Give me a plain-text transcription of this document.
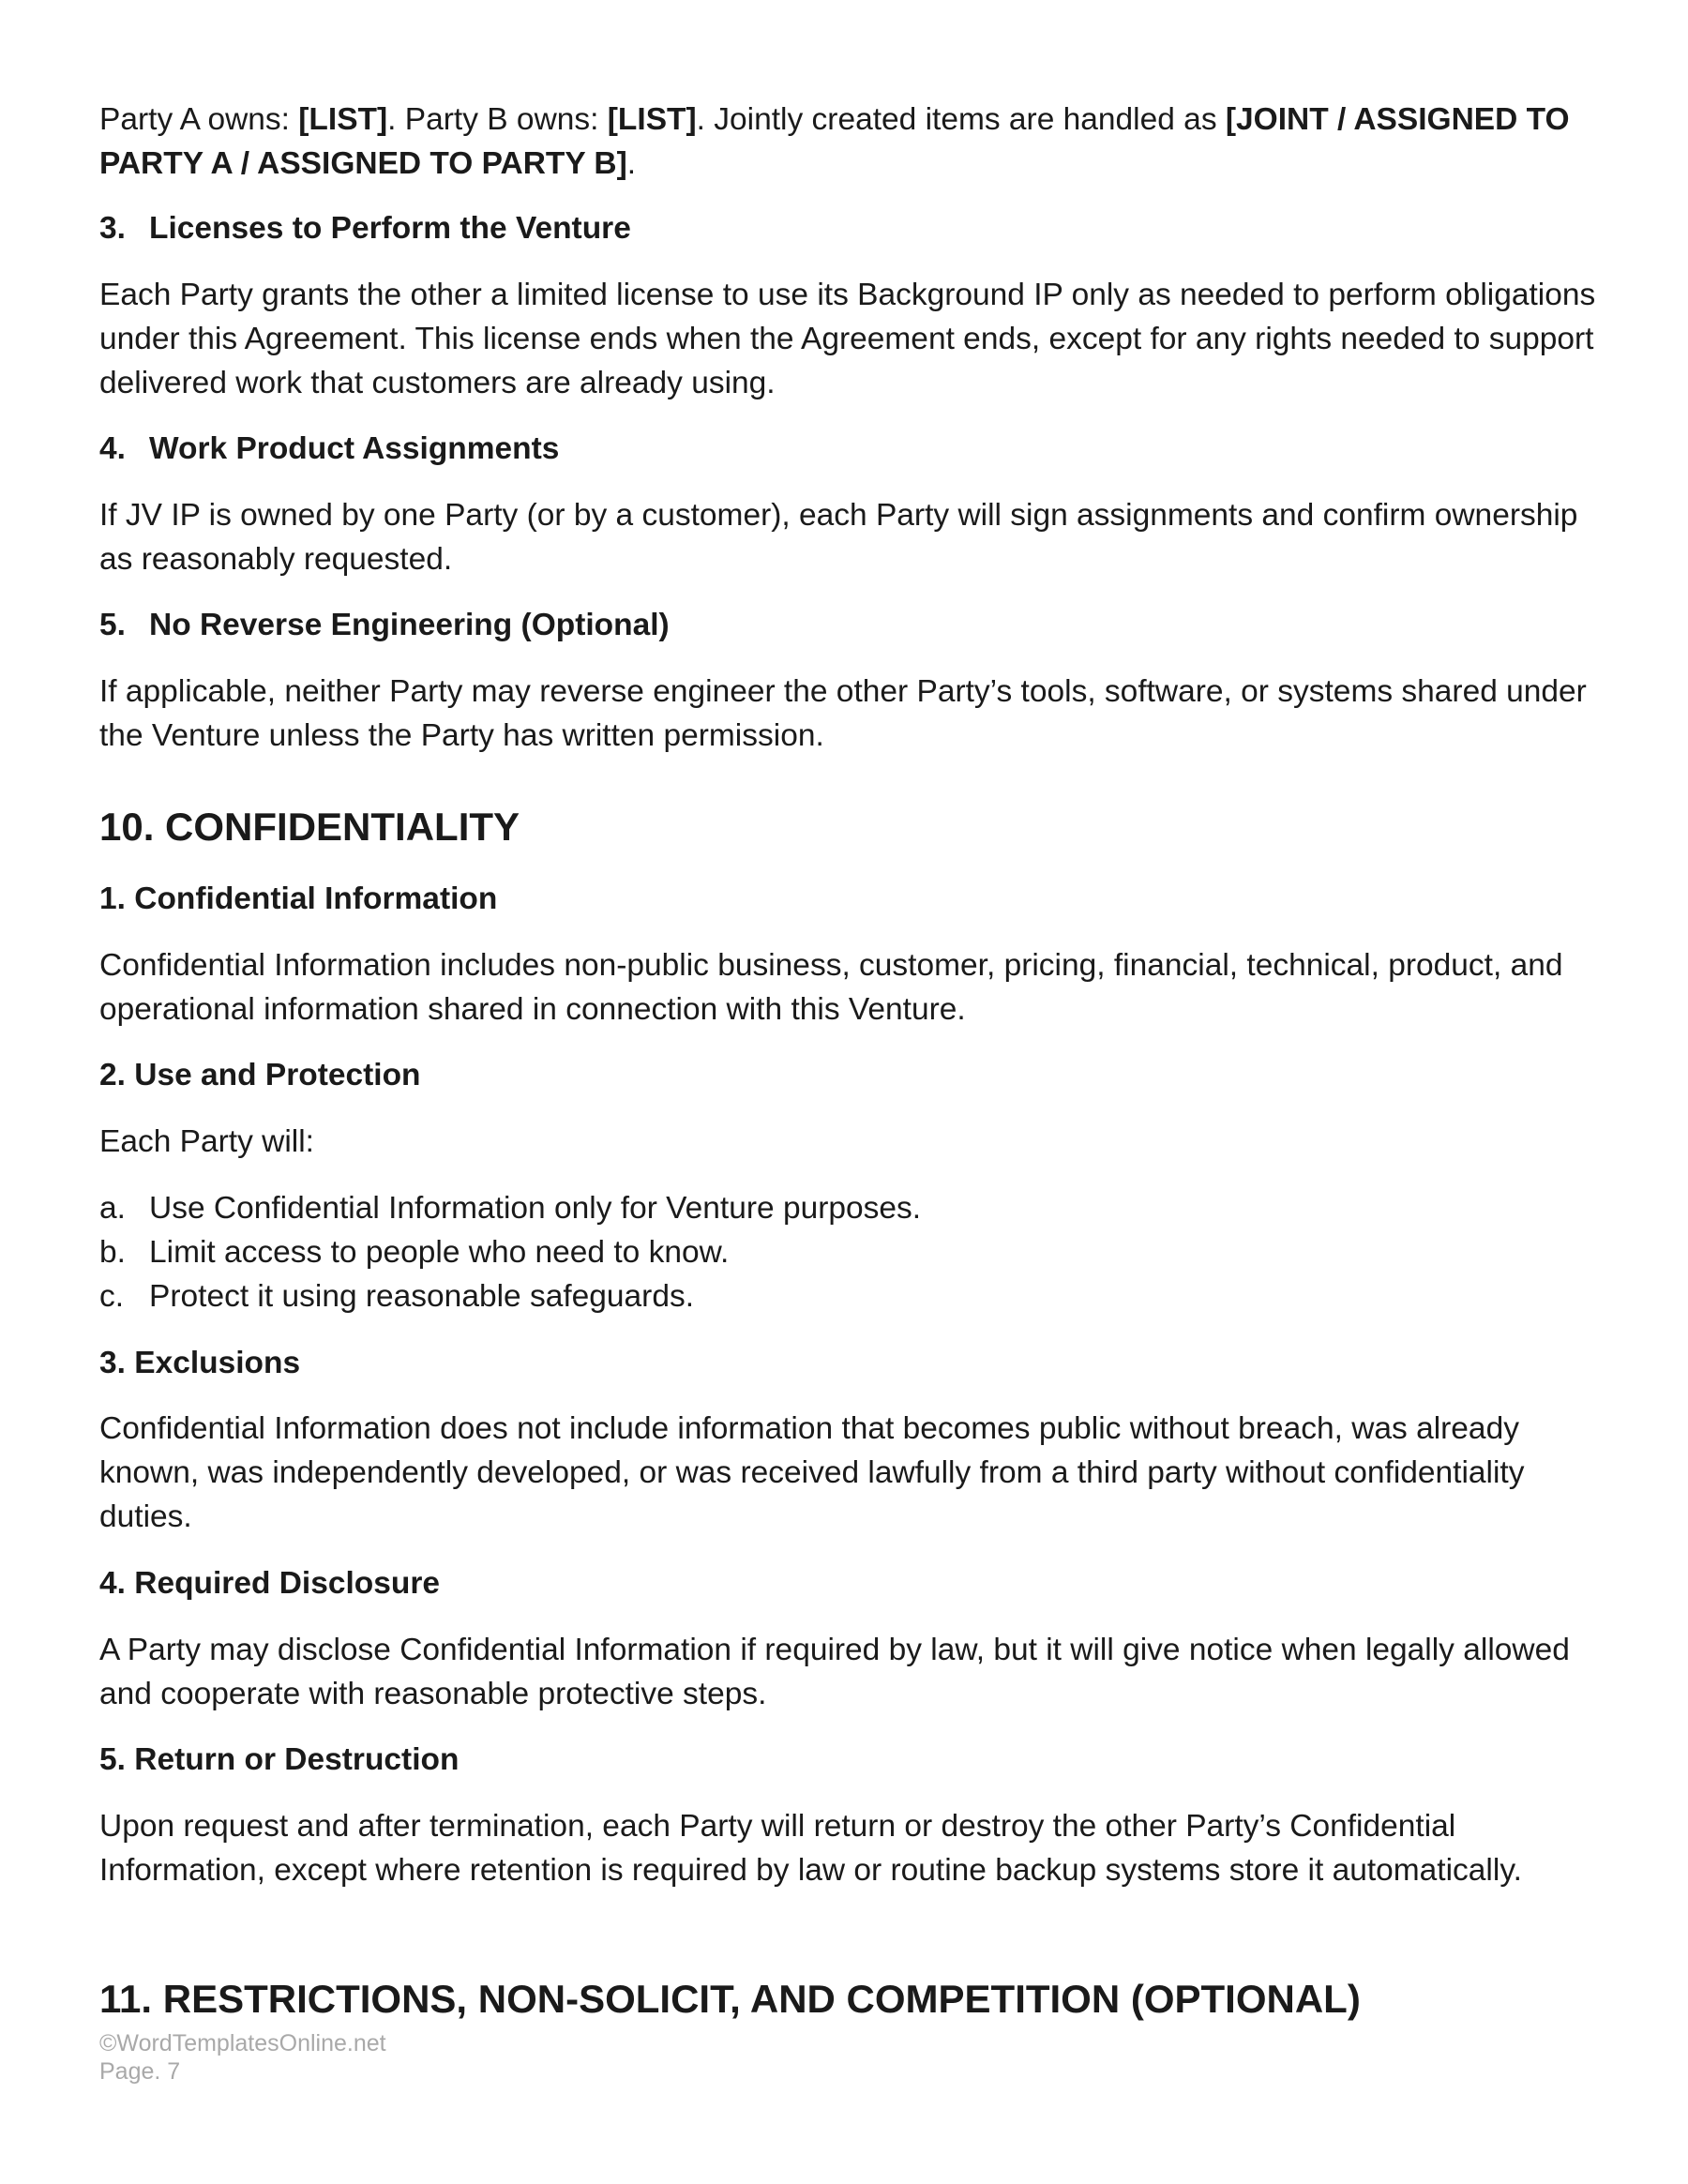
Party A owns: [LIST]. Party B owns: [LIST]. Jointly created items are handled as [JOINT / ASSIGNED TO PARTY A / ASSIGNED TO PARTY B].

3. Licenses to Perform the Venture

Each Party grants the other a limited license to use its Background IP only as needed to perform obligations under this Agreement. This license ends when the Agreement ends, except for any rights needed to support delivered work that customers are already using.

4. Work Product Assignments

If JV IP is owned by one Party (or by a customer), each Party will sign assignments and confirm ownership as reasonably requested.

5. No Reverse Engineering (Optional)

If applicable, neither Party may reverse engineer the other Party’s tools, software, or systems shared under the Venture unless the Party has written permission.

10. CONFIDENTIALITY
1. Confidential Information

Confidential Information includes non-public business, customer, pricing, financial, technical, product, and operational information shared in connection with this Venture.

2. Use and Protection

Each Party will:

a. Use Confidential Information only for Venture purposes.
b. Limit access to people who need to know.
c. Protect it using reasonable safeguards.
3. Exclusions

Confidential Information does not include information that becomes public without breach, was already known, was independently developed, or was received lawfully from a third party without confidentiality duties.

4. Required Disclosure

A Party may disclose Confidential Information if required by law, but it will give notice when legally allowed and cooperate with reasonable protective steps.

5. Return or Destruction

Upon request and after termination, each Party will return or destroy the other Party’s Confidential Information, except where retention is required by law or routine backup systems store it automatically.

11. RESTRICTIONS, NON-SOLICIT, AND COMPETITION (OPTIONAL)
©WordTemplatesOnline.net
Page. 7
